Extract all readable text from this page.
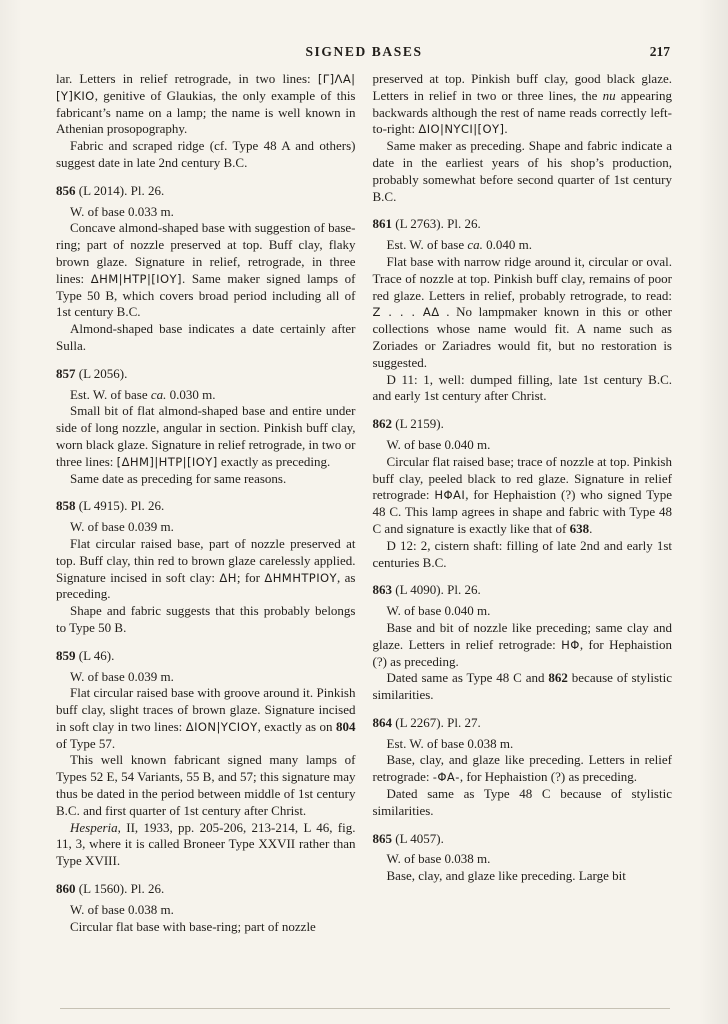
SIGNED BASES	217

lar. Letters in relief retrograde, in two lines: [Γ]ΛΑ|[Υ]ΚΙΟ, genitive of Glaukias, the only example of this fabricant’s name on a lamp; the name is well known in Athenian prosopography.

Fabric and scraped ridge (cf. Type 48 A and others) suggest date in late 2nd century B.C.

856 (L 2014). Pl. 26.

W. of base 0.033 m.

Concave almond-shaped base with suggestion of base-ring; part of nozzle preserved at top. Buff clay, flaky brown glaze. Signature in relief, retrograde, in three lines: ΔΗΜ|ΗΤΡ|[ΙΟΥ]. Same maker signed lamps of Type 50 B, which covers broad period including all of 1st century B.C.

Almond-shaped base indicates a date certainly after Sulla.

857 (L 2056).

Est. W. of base ca. 0.030 m.

Small bit of flat almond-shaped base and entire under side of long nozzle, angular in section. Pinkish buff clay, worn black glaze. Signature in relief retrograde, in two or three lines: [ΔΗΜ]|ΗΤΡ|[ΙΟΥ] exactly as preceding.

Same date as preceding for same reasons.

858 (L 4915). Pl. 26.

W. of base 0.039 m.

Flat circular raised base, part of nozzle preserved at top. Buff clay, thin red to brown glaze carelessly applied. Signature incised in soft clay: ΔΗ; for ΔΗΜΗΤΡΙΟΥ, as preceding.

Shape and fabric suggests that this probably belongs to Type 50 B.

859 (L 46).

W. of base 0.039 m.

Flat circular raised base with groove around it. Pinkish buff clay, slight traces of brown glaze. Signature incised in soft clay in two lines: ΔΙΟΝ|ΥCΙΟΥ, exactly as on 804 of Type 57.

This well known fabricant signed many lamps of Types 52 E, 54 Variants, 55 B, and 57; this signature may thus be dated in the period between middle of 1st century B.C. and first quarter of 1st century after Christ.

Hesperia, II, 1933, pp. 205-206, 213-214, L 46, fig. 11, 3, where it is called Broneer Type XXVII rather than Type XVIII.

860 (L 1560). Pl. 26.

W. of base 0.038 m.

Circular flat base with base-ring; part of nozzle

preserved at top. Pinkish buff clay, good black glaze. Letters in relief in two or three lines, the nu appearing backwards although the rest of name reads correctly left-to-right: ΔΙΟ|ΝΥCΙ|[ΟΥ].

Same maker as preceding. Shape and fabric indicate a date in the earliest years of his shop’s production, probably somewhat before second quarter of 1st century B.C.

861 (L 2763). Pl. 26.

Est. W. of base ca. 0.040 m.

Flat base with narrow ridge around it, circular or oval. Trace of nozzle at top. Pinkish buff clay, remains of poor red glaze. Letters in relief, probably retrograde, to read: Z . . . ΑΔ . No lampmaker known in this or other collections whose name would fit. A name such as Zoriades or Zariadres would fit, but no restoration is suggested.

D 11: 1, well: dumped filling, late 1st century B.C. and early 1st century after Christ.

862 (L 2159).

W. of base 0.040 m.

Circular flat raised base; trace of nozzle at top. Pinkish buff clay, peeled black to red glaze. Signature in relief retrograde: ΗΦΑΙ, for Hephaistion (?) who signed Type 48 C. This lamp agrees in shape and fabric with Type 48 C and signature is exactly like that of 638.

D 12: 2, cistern shaft: filling of late 2nd and early 1st centuries B.C.

863 (L 4090). Pl. 26.

W. of base 0.040 m.

Base and bit of nozzle like preceding; same clay and glaze. Letters in relief retrograde: ΗΦ, for Hephaistion (?) as preceding.

Dated same as Type 48 C and 862 because of stylistic similarities.

864 (L 2267). Pl. 27.

Est. W. of base 0.038 m.

Base, clay, and glaze like preceding. Letters in relief retrograde: -ΦΑ-, for Hephaistion (?) as preceding.

Dated same as Type 48 C because of stylistic similarities.

865 (L 4057).

W. of base 0.038 m.

Base, clay, and glaze like preceding. Large bit
